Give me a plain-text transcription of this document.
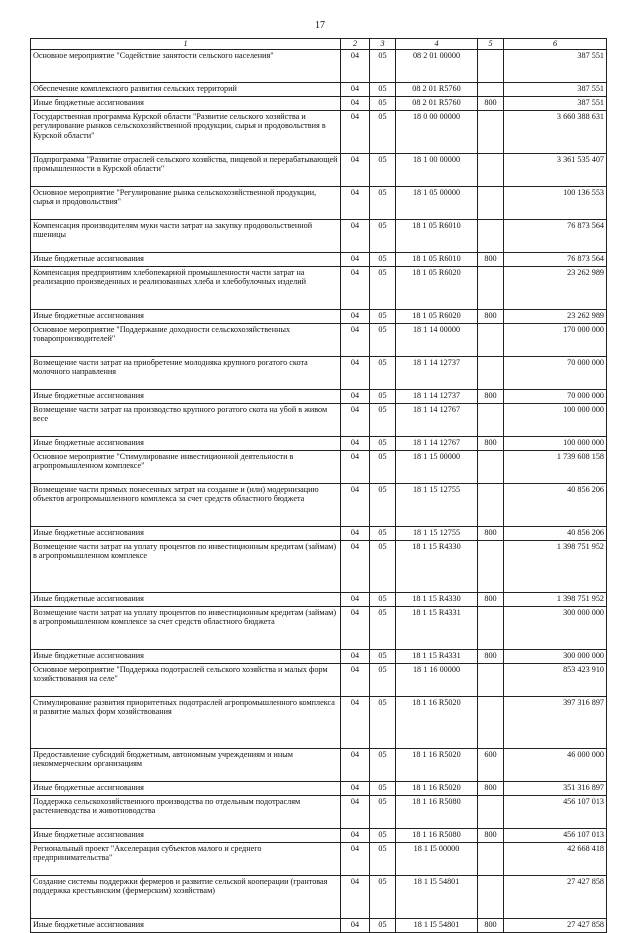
17
1	2	3	4	5	6
Основное мероприятие "Содействие занятости сельского населения"	04	05	08 2 01 00000		387 551
Обеспечение комплексного развития сельских территорий	04	05	08 2 01 R5760		387 551
Иные бюджетные ассигнования	04	05	08 2 01 R5760	800	387 551
Государственная программа Курской области "Развитие сельского хозяйства и регулирование рынков сельскохозяйственной продукции, сырья и продовольствия в Курской области"	04	05	18 0 00 00000		3 660 388 631
Подпрограмма "Развитие отраслей сельского хозяйства, пищевой и перерабатывающей промышленности в Курской области"	04	05	18 1 00 00000		3 361 535 407
Основное мероприятие "Регулирование рынка сельскохозяйственной продукции, сырья и продовольствия"	04	05	18 1 05 00000		100 136 553
Компенсация производителям муки части затрат на закупку продовольственной пшеницы	04	05	18 1 05 R6010		76 873 564
Иные бюджетные ассигнования	04	05	18 1 05 R6010	800	76 873 564
Компенсация предприятиям хлебопекарной промышленности части затрат на реализацию произведенных и реализованных хлеба и хлебобулочных изделий	04	05	18 1 05 R6020		23 262 989
Иные бюджетные ассигнования	04	05	18 1 05 R6020	800	23 262 989
Основное мероприятие "Поддержание доходности сельскохозяйственных товаропроизводителей"	04	05	18 1 14 00000		170 000 000
Возмещение части затрат на приобретение молодняка крупного рогатого скота молочного направления	04	05	18 1 14 12737		70 000 000
Иные бюджетные ассигнования	04	05	18 1 14 12737	800	70 000 000
Возмещение части затрат на производство крупного рогатого скота на убой в живом весе	04	05	18 1 14 12767		100 000 000
Иные бюджетные ассигнования	04	05	18 1 14 12767	800	100 000 000
Основное мероприятие "Стимулирование инвестиционной деятельности в агропромышленном комплексе"	04	05	18 1 15 00000		1 739 608 158
Возмещение части прямых понесенных затрат на создание и (или) модернизацию объектов агропромышленного комплекса за счет средств областного бюджета	04	05	18 1 15 12755		40 856 206
Иные бюджетные ассигнования	04	05	18 1 15 12755	800	40 856 206
Возмещение части затрат на уплату процентов по инвестиционным кредитам (займам) в агропромышленном комплексе	04	05	18 1 15 R4330		1 398 751 952
Иные бюджетные ассигнования	04	05	18 1 15 R4330	800	1 398 751 952
Возмещение части затрат на уплату процентов по инвестиционным кредитам (займам) в агропромышленном комплексе за счет средств областного бюджета	04	05	18 1 15 R4331		300 000 000
Иные бюджетные ассигнования	04	05	18 1 15 R4331	800	300 000 000
Основное мероприятие "Поддержка подотраслей сельского хозяйства и малых форм хозяйствования на селе"	04	05	18 1 16 00000		853 423 910
Стимулирование развития приоритетных подотраслей агропромышленного комплекса и развитие малых форм хозяйствования	04	05	18 1 16 R5020		397 316 897
Предоставление субсидий бюджетным, автономным учреждениям и иным некоммерческим организациям	04	05	18 1 16 R5020	600	46 000 000
Иные бюджетные ассигнования	04	05	18 1 16 R5020	800	351 316 897
Поддержка сельскохозяйственного производства по отдельным подотраслям растениеводства и животноводства	04	05	18 1 16 R5080		456 107 013
Иные бюджетные ассигнования	04	05	18 1 16 R5080	800	456 107 013
Региональный проект "Акселерация субъектов малого и среднего предпринимательства"	04	05	18 1 I5 00000		42 668 418
Создание системы поддержки фермеров и развитие сельской кооперации (грантовая поддержка крестьянским (фермерским) хозяйствам)	04	05	18 1 I5 54801		27 427 858
Иные бюджетные ассигнования	04	05	18 1 I5 54801	800	27 427 858
